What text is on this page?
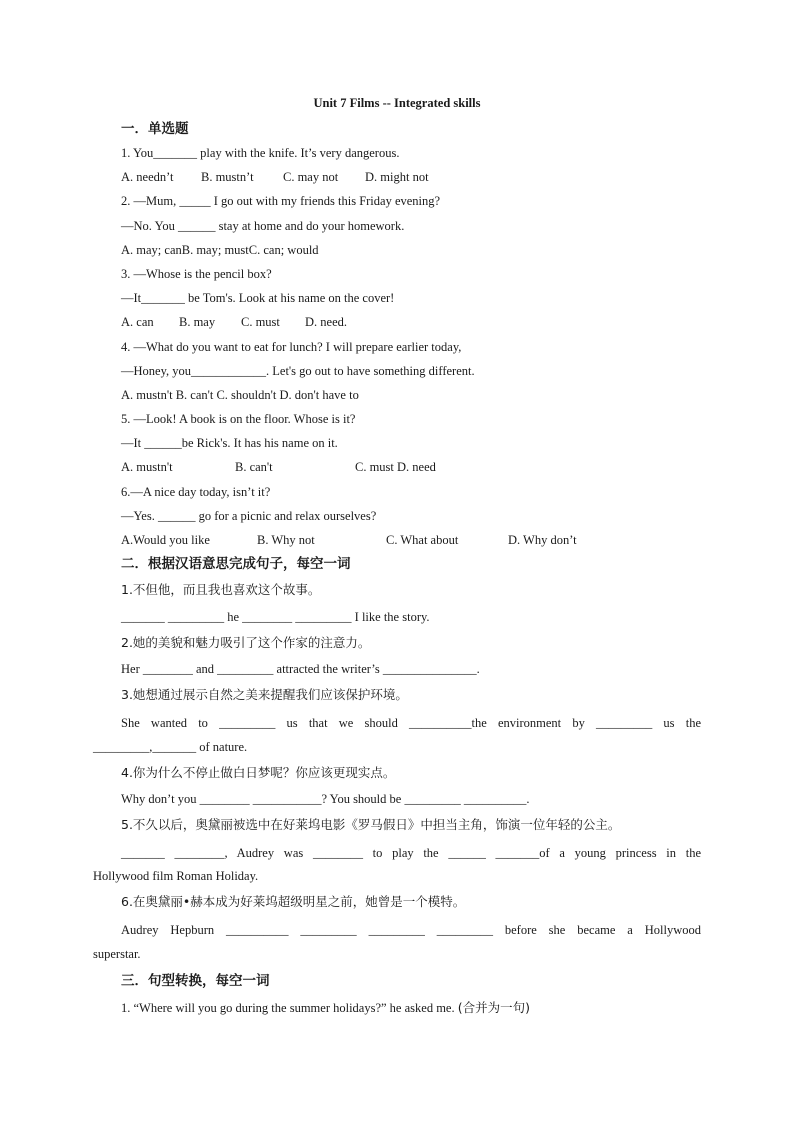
Unit 7 Films -- Integrated skills
一．单选题
1. You_______ play with the knife. It’s very dangerous.
A. needn’t B. mustn’t C. may not D. might not
2. —Mum, _____ I go out with my friends this Friday evening?
—No. You ______ stay at home and do your homework.
A. may; canB. may; mustC. can; would
3. —Whose is the pencil box?
—It_______ be Tom's. Look at his name on the cover!
A. can B. may C. must D. need.
4. —What do you want to eat for lunch? I will prepare earlier today,
—Honey, you____________. Let's go out to have something different.
A. mustn't B. can't C. shouldn't D. don't have to
5. —Look! A book is on the floor. Whose is it?
—It ______be Rick's. It has his name on it.
A. mustn't	B. can't	C. must D. need
6.—A nice day today, isn’t it?
—Yes. ______ go for a picnic and relax ourselves?
A.Would you like	B. Why not	C. What about	D. Why don’t
二．根据汉语意思完成句子，每空一词
1.不但他，而且我也喜欢这个故事。
_______ _________ he ________ _________ I like the story.
2.她的美貌和魅力吸引了这个作家的注意力。
Her ________ and _________ attracted the writer’s _______________.
3.她想通过展示自然之美来提醒我们应该保护环境。
She wanted to _________ us that we should __________the environment by _________ us the
_________,_______ of nature.
4.你为什么不停止做白日梦呢？你应该更现实点。
Why don’t you ________ ___________? You should be _________ __________.
5.不久以后，奥黛丽被选中在好莱坞电影《罗马假日》中担当主角，饰演一位年轻的公主。
_______ ________, Audrey was ________ to play the ______ _______of a young princess in the
Hollywood film Roman Holiday.
6.在奥黛丽•赫本成为好莱坞超级明星之前，她曾是一个模特。
Audrey Hepburn __________ _________ _________ _________ before she became a Hollywood
superstar.
三．句型转换，每空一词
1. “Where will you go during the summer holidays?” he asked me. (合并为一句)
